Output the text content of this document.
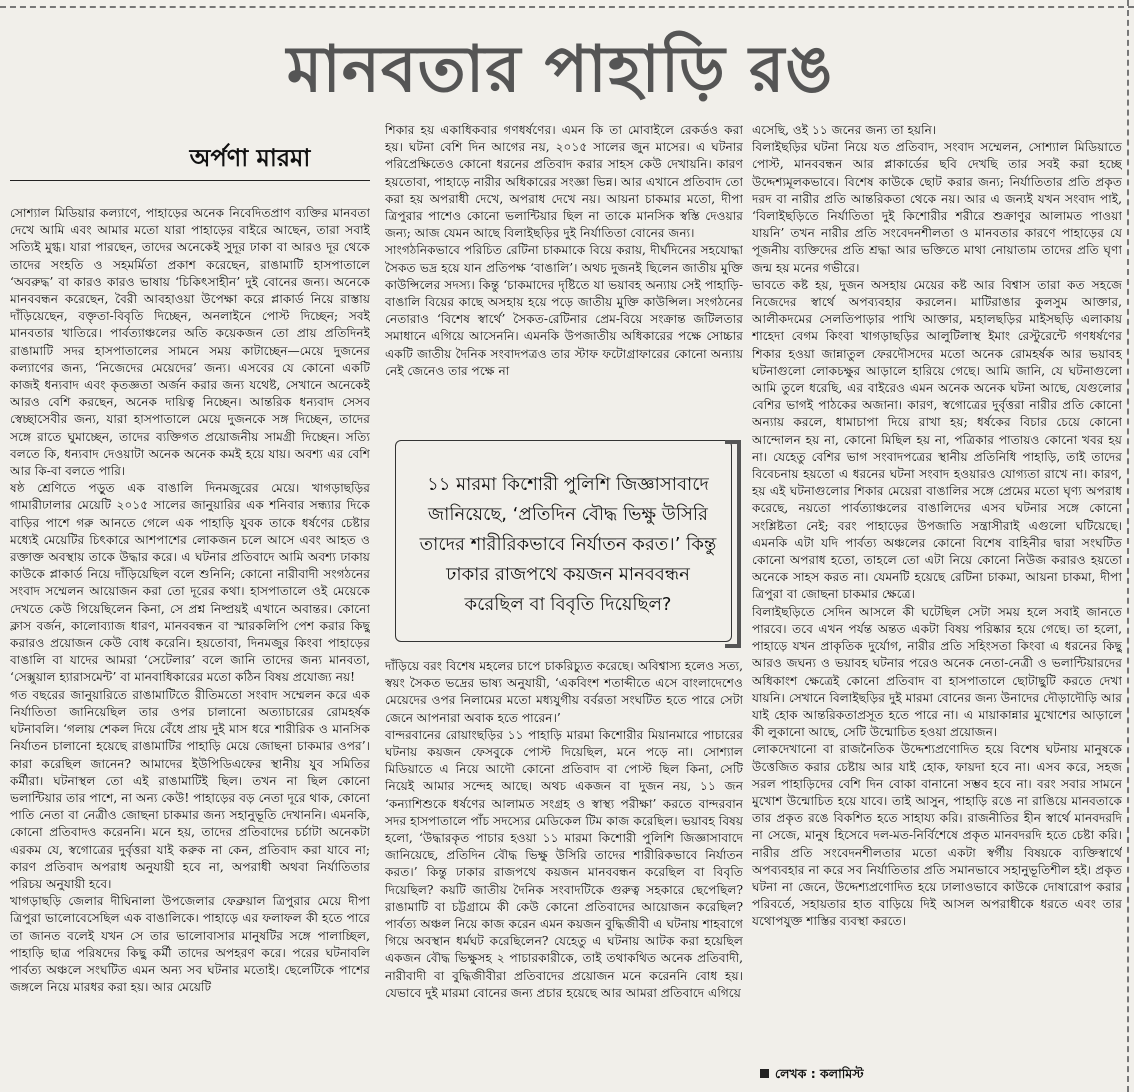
মানবতার পাহাড়ি রঙ
অর্পণা মারমা

সোশ্যাল মিডিয়ার কল্যাণে, পাহাড়ের অনেক নিবেদিতপ্রাণ ব্যক্তির মানবতা দেখে আমি এবং আমার মতো যারা পাহাড়ের বাইরে আছেন, তারা সবাই সত্যিই মুগ্ধ। যারা পারছেন, তাদের অনেকেই সুদূর ঢাকা বা আরও দূর থেকে তাদের সংহতি ও সহমর্মিতা প্রকাশ করেছেন, রাঙামাটি হাসপাতালে ‘অবরুদ্ধ’ বা কারও কারও ভাষায় ‘চিকিৎসাহীন’ দুই বোনের জন্য। অনেকে মানববন্ধন করেছেন, বৈরী আবহাওয়া উপেক্ষা করে প্লাকার্ড নিয়ে রাস্তায় দাঁড়িয়েছেন, বক্তৃতা-বিবৃতি দিচ্ছেন, অনলাইনে পোস্ট দিচ্ছেন; সবই মানবতার খাতিরে। পার্বত্যাঞ্চলের অতি কয়েকজন তো প্রায় প্রতিদিনই রাঙামাটি সদর হাসপাতালের সামনে সময় কাটাচ্ছেন—মেয়ে দুজনের কল্যাণের জন্য, ‘নিজেদের মেয়েদের’ জন্য। এসবের যে কোনো একটি কাজই ধন্যবাদ এবং কৃতজ্ঞতা অর্জন করার জন্য যথেষ্ট, সেখানে অনেকেই আরও বেশি করছেন, অনেক দায়িত্ব নিচ্ছেন। আন্তরিক ধন্যবাদ সেসব স্বেচ্ছাসেবীর জন্য, যারা হাসপাতালে মেয়ে দুজনকে সঙ্গ দিচ্ছেন, তাদের সঙ্গে রাতে ঘুমাচ্ছেন, তাদের ব্যক্তিগত প্রয়োজনীয় সামগ্রী দিচ্ছেন। সত্যি বলতে কি, ধন্যবাদ দেওয়াটা অনেক অনেক কমই হয়ে যায়। অবশ্য এর বেশি আর কি-বা বলতে পারি।

ষষ্ঠ শ্রেণিতে পড়ুত এক বাঙালি দিনমজুরের মেয়ে। খাগড়াছড়ির গামারীঢালার মেয়েটি ২০১৫ সালের জানুয়ারির এক শনিবার সন্ধ্যার দিকে বাড়ির পাশে গরু আনতে গেলে এক পাহাড়ি যুবক তাকে ধর্ষণের চেষ্টার মধ্যেই মেয়েটির চিৎকারে আশপাশের লোকজন চলে আসে এবং আহত ও রক্তাক্ত অবস্থায় তাকে উদ্ধার করে। এ ঘটনার প্রতিবাদে আমি অবশ্য ঢাকায় কাউকে প্লাকার্ড নিয়ে দাঁড়িয়েছিল বলে শুনিনি; কোনো নারীবাদী সংগঠনের সংবাদ সম্মেলন আয়োজন করা তো দূরের কথা। হাসপাতালে ওই মেয়েকে দেখতে কেউ গিয়েছিলেন কিনা, সে প্রশ্ন নিষ্প্রয়ই এখানে অবান্তর। কোনো ক্লাস বর্জন, কালোব্যাজ ধারণ, মানববন্ধন বা স্মারকলিপি পেশ করার কিছু করারও প্রয়োজন কেউ বোধ করেনি। হয়তোবা, দিনমজুর কিংবা পাহাড়ের বাঙালি বা যাদের আমরা ‘সেটেলার’ বলে জানি তাদের জন্য মানবতা, ‘সেক্সুয়াল হ্যারাসমেন্ট’ বা মানবাধিকারের মতো কঠিন বিষয় প্রযোজ্য নয়!

গত বছরের জানুয়ারিতে রাঙামাটিতে রীতিমতো সংবাদ সম্মেলন করে এক নির্যাতিতা জানিয়েছিল তার ওপর চালানো অত্যাচারের রোমহর্ষক ঘটনাবলি। ‘গলায় শেকল দিয়ে বেঁধে প্রায় দুই মাস ধরে শারীরিক ও মানসিক নির্যাতন চালানো হয়েছে রাঙামাটির পাহাড়ি মেয়ে জোছনা চাকমার ওপর’। কারা করেছিল জানেন? আমাদের ইউপিডিএফের স্থানীয় যুব সমিতির কর্মীরা। ঘটনাস্থল তো এই রাঙামাটিই ছিল। তখন না ছিল কোনো ভলান্টিয়ার তার পাশে, না অন্য কেউ! পাহাড়ের বড় নেতা দূরে থাক, কোনো পাতি নেতা বা নেত্রীও জোছনা চাকমার জন্য সহানুভূতি দেখাননি। এমনকি, কোনো প্রতিবাদও করেননি। মনে হয়, তাদের প্রতিবাদের চর্চাটা অনেকটা এরকম যে, স্বগোত্রের দুর্বৃত্তরা যাই করুক না কেন, প্রতিবাদ করা যাবে না; কারণ প্রতিবাদ অপরাধ অনুযায়ী হবে না, অপরাধী অথবা নির্যাতিতার পরিচয় অনুযায়ী হবে।

খাগড়াছড়ি জেলার দীঘিনালা উপজেলার ফেব্রুয়াল ত্রিপুরার মেয়ে দীপা ত্রিপুরা ভালোবেসেছিল এক বাঙালিকে। পাহাড়ে এর ফলাফল কী হতে পারে তা জানত বলেই যখন সে তার ভালোবাসার মানুষটির সঙ্গে পালাচ্ছিল, পাহাড়ি ছাত্র পরিষদের কিছু কর্মী তাদের অপহরণ করে। পরের ঘটনাবলি পার্বত্য অঞ্চলে সংঘটিত এমন অন্য সব ঘটনার মতোই। ছেলেটিকে পাশের জঙ্গলে নিয়ে মারধর করা হয়। আর মেয়েটি

শিকার হয় একাধিকবার গণধর্ষণের। এমন কি তা মোবাইলে রেকর্ডও করা হয়। ঘটনা বেশি দিন আগের নয়, ২০১৫ সালের জুন মাসের। এ ঘটনার পরিপ্রেক্ষিতেও কোনো ধরনের প্রতিবাদ করার সাহস কেউ দেখায়নি। কারণ হয়তোবা, পাহাড়ে নারীর অধিকারের সংজ্ঞা ভিন্ন। আর এখানে প্রতিবাদ তো করা হয় অপরাধী দেখে, অপরাধ দেখে নয়। আয়না চাকমার মতো, দীপা ত্রিপুরার পাশেও কোনো ভলান্টিয়ার ছিল না তাকে মানসিক স্বস্তি দেওয়ার জন্য; আজ যেমন আছে বিলাইছড়ির দুই নির্যাতিতা বোনের জন্য।

সাংগঠনিকভাবে পরিচিত রেটিনা চাকমাকে বিয়ে করায়, দীর্ঘদিনের সহযোদ্ধা সৈকত ভদ্র হয়ে যান প্রতিপক্ষ ‘বাঙালি’। অথচ দুজনই ছিলেন জাতীয় মুক্তি কাউন্সিলের সদস্য। কিন্তু ‘চাকমাদের দৃষ্টিতে যা ভয়াবহ অন্যায় সেই পাহাড়ি-বাঙালি বিয়ের কাছে অসহায় হয়ে পড়ে জাতীয় মুক্তি কাউন্সিল। সংগঠনের নেতারাও ‘বিশেষ স্বার্থে’ সৈকত-রেটিনার প্রেম-বিয়ে সংক্রান্ত জটিলতার সমাধানে এগিয়ে আসেননি। এমনকি উপজাতীয় অধিকারের পক্ষে সোচ্চার একটি জাতীয় দৈনিক সংবাদপত্রও তার স্টাফ ফটোগ্রাফারের কোনো অন্যায় নেই জেনেও তার পক্ষে না

১১ মারমা কিশোরী পুলিশি জিজ্ঞাসাবাদে জানিয়েছে, ‘প্রতিদিন বৌদ্ধ ভিক্ষু উসিরি তাদের শারীরিকভাবে নির্যাতন করত।’ কিন্তু ঢাকার রাজপথে কয়জন মানববন্ধন করেছিল বা বিবৃতি দিয়েছিল?

দাঁড়িয়ে বরং বিশেষ মহলের চাপে চাকরিচ্যুত করেছে। অবিশ্বাস্য হলেও সত্য, স্বয়ং সৈকত ভদ্রের ভাষ্য অনুযায়ী, ‘একবিংশ শতাব্দীতে এসে বাংলাদেশেও মেয়েদের ওপর নিলামের মতো মধ্যযুগীয় বর্বরতা সংঘটিত হতে পারে সেটা জেনে আপনারা অবাক হতে পারেন।’

বান্দরবানের রোয়াংছড়ির ১১ পাহাড়ি মারমা কিশোরীর মিয়ানমারে পাচারের ঘটনায় কয়জন ফেসবুকে পোস্ট দিয়েছিল, মনে পড়ে না। সোশ্যাল মিডিয়াতে এ নিয়ে আদৌ কোনো প্রতিবাদ বা পোস্ট ছিল কিনা, সেটি নিয়েই আমার সন্দেহ আছে। অথচ একজন বা দুজন নয়, ১১ জন ‘কন্যাশিশুকে ধর্ষণের আলামত সংগ্রহ ও স্বাস্থ্য পরীক্ষা’ করতে বান্দরবান সদর হাসপাতালে পাঁচ সদস্যের মেডিকেল টিম কাজ করেছিল। ভয়াবহ বিষয় হলো, ‘উদ্ধারকৃত পাচার হওয়া ১১ মারমা কিশোরী পুলিশি জিজ্ঞাসাবাদে জানিয়েছে, প্রতিদিন বৌদ্ধ ভিক্ষু উসিরি তাদের শারীরিকভাবে নির্যাতন করত।’ কিন্তু ঢাকার রাজপথে কয়জন মানববন্ধন করেছিল বা বিবৃতি দিয়েছিল? কয়টি জাতীয় দৈনিক সংবাদটিকে গুরুত্ব সহকারে ছেপেছিল? রাঙামাটি বা চট্টগ্রামে কী কেউ কোনো প্রতিবাদের আয়োজন করেছিল? পার্বত্য অঞ্চল নিয়ে কাজ করেন এমন কয়জন বুদ্ধিজীবী এ ঘটনায় শাহবাগে গিয়ে অবস্থান ধর্মঘট করেছিলেন? যেহেতু এ ঘটনায় আটক করা হয়েছিল একজন বৌদ্ধ ভিক্ষুসহ ২ পাচারকারীকে, তাই তথাকথিত অনেক প্রতিবাদী, নারীবাদী বা বুদ্ধিজীবীরা প্রতিবাদের প্রয়োজন মনে করেননি বোধ হয়। যেভাবে দুই মারমা বোনের জন্য প্রচার হয়েছে আর আমরা প্রতিবাদে এগিয়ে

এসেছি, ওই ১১ জনের জন্য তা হয়নি।

বিলাইছড়ির ঘটনা নিয়ে যত প্রতিবাদ, সংবাদ সম্মেলন, সোশ্যাল মিডিয়াতে পোস্ট, মানববন্ধন আর প্লাকার্ডের ছবি দেখছি তার সবই করা হচ্ছে উদ্দেশ্যমূলকভাবে। বিশেষ কাউকে ছোট করার জন্য; নির্যাতিতার প্রতি প্রকৃত দরদ বা নারীর প্রতি আন্তরিকতা থেকে নয়। আর এ জন্যই যখন সংবাদ পাই, ‘বিলাইছড়িতে নির্যাতিতা দুই কিশোরীর শরীরে শুক্রাণুর আলামত পাওয়া যায়নি’ তখন নারীর প্রতি সংবেদনশীলতা ও মানবতার কারণে পাহাড়ের যে পূজনীয় ব্যক্তিদের প্রতি শ্রদ্ধা আর ভক্তিতে মাথা নোয়াতাম তাদের প্রতি ঘৃণা জন্ম হয় মনের গভীরে।

ভাবতে কষ্ট হয়, দুজন অসহায় মেয়ের কষ্ট আর বিশ্বাস তারা কত সহজে নিজেদের স্বার্থে অপব্যবহার করলেন। মাটিরাঙার কুলসুম আক্তার, আলীকদমের সেলতিপাড়ার পাখি আক্তার, মহালছড়ির মাইসছড়ি এলাকায় শাহেদা বেগম কিংবা খাগড়াছড়ির আলুটিলাস্থ ইমাং রেস্টুরেন্টে গণধর্ষণের শিকার হওয়া জান্নাতুল ফেরদৌসদের মতো অনেক রোমহর্ষক আর ভয়াবহ ঘটনাগুলো লোকচক্ষুর আড়ালে হারিয়ে গেছে। আমি জানি, যে ঘটনাগুলো আমি তুলে ধরেছি, এর বাইরেও এমন অনেক অনেক ঘটনা আছে, যেগুলোর বেশির ভাগই পাঠকের অজানা। কারণ, স্বগোত্রের দুর্বৃত্তরা নারীর প্রতি কোনো অন্যায় করলে, ধামাচাপা দিয়ে রাখা হয়; ধর্ষকের বিচার চেয়ে কোনো আন্দোলন হয় না, কোনো মিছিল হয় না, পত্রিকার পাতায়ও কোনো খবর হয় না। যেহেতু বেশির ভাগ সংবাদপত্রের স্থানীয় প্রতিনিধি পাহাড়ি, তাই তাদের বিবেচনায় হয়তো এ ধরনের ঘটনা সংবাদ হওয়ারও যোগ্যতা রাখে না। কারণ, হয় এই ঘটনাগুলোর শিকার মেয়েরা বাঙালির সঙ্গে প্রেমের মতো ঘৃণ্য অপরাধ করেছে, নয়তো পার্বত্যাঞ্চলের বাঙালিদের এসব ঘটনার সঙ্গে কোনো সংশ্লিষ্টতা নেই; বরং পাহাড়ের উপজাতি সন্ত্রাসীরাই এগুলো ঘটিয়েছে। এমনকি এটা যদি পার্বত্য অঞ্চলের কোনো বিশেষ বাহিনীর দ্বারা সংঘটিত কোনো অপরাধ হতো, তাহলে তো এটা নিয়ে কোনো নিউজ করারও হয়তো অনেকে সাহস করত না। যেমনটি হয়েছে রেটিনা চাকমা, আয়না চাকমা, দীপা ত্রিপুরা বা জোছনা চাকমার ক্ষেত্রে।

বিলাইছড়িতে সেদিন আসলে কী ঘটেছিল সেটা সময় হলে সবাই জানতে পারবে। তবে এখন পর্যন্ত অন্তত একটা বিষয় পরিষ্কার হয়ে গেছে। তা হলো, পাহাড়ে যখন প্রাকৃতিক দুর্যোগ, নারীর প্রতি সহিংসতা কিংবা এ ধরনের কিছু আরও জঘন্য ও ভয়াবহ ঘটনার পরেও অনেক নেতা-নেত্রী ও ভলান্টিয়ারদের অধিকাংশ ক্ষেত্রেই কোনো প্রতিবাদ বা হাসপাতালে ছোটাছুটি করতে দেখা যায়নি। সেখানে বিলাইছড়ির দুই মারমা বোনের জন্য উনাদের দৌড়াদৌড়ি আর যাই হোক আন্তরিকতাপ্রসূত হতে পারে না। এ মায়াকান্নার মুখোশের আড়ালে কী লুকানো আছে, সেটি উন্মোচিত হওয়া প্রয়োজন।

লোকদেখানো বা রাজনৈতিক উদ্দেশ্যপ্রণোদিত হয়ে বিশেষ ঘটনায় মানুষকে উত্তেজিত করার চেষ্টায় আর যাই হোক, ফায়দা হবে না। এসব করে, সহজ সরল পাহাড়িদের বেশি দিন বোকা বানানো সম্ভব হবে না। বরং সবার সামনে মুখোশ উন্মোচিত হয়ে যাবে। তাই আসুন, পাহাড়ি রঙে না রাঙিয়ে মানবতাকে তার প্রকৃত রঙে বিকশিত হতে সাহায্য করি। রাজনীতির হীন স্বার্থে মানবদরদি না সেজে, মানুষ হিসেবে দল-মত-নির্বিশেষে প্রকৃত মানবদরদি হতে চেষ্টা করি। নারীর প্রতি সংবেদনশীলতার মতো একটা স্বর্গীয় বিষয়কে ব্যক্তিস্বার্থে অপব্যবহার না করে সব নির্যাতিতার প্রতি সমানভাবে সহানুভূতিশীল হই। প্রকৃত ঘটনা না জেনে, উদ্দেশ্যপ্রণোদিত হয়ে ঢালাওভাবে কাউকে দোষারোপ করার পরিবর্তে, সহায়তার হাত বাড়িয়ে দিই আসল অপরাধীকে ধরতে এবং তার যথোপযুক্ত শাস্তির ব্যবস্থা করতে।

লেখক : কলামিস্ট
